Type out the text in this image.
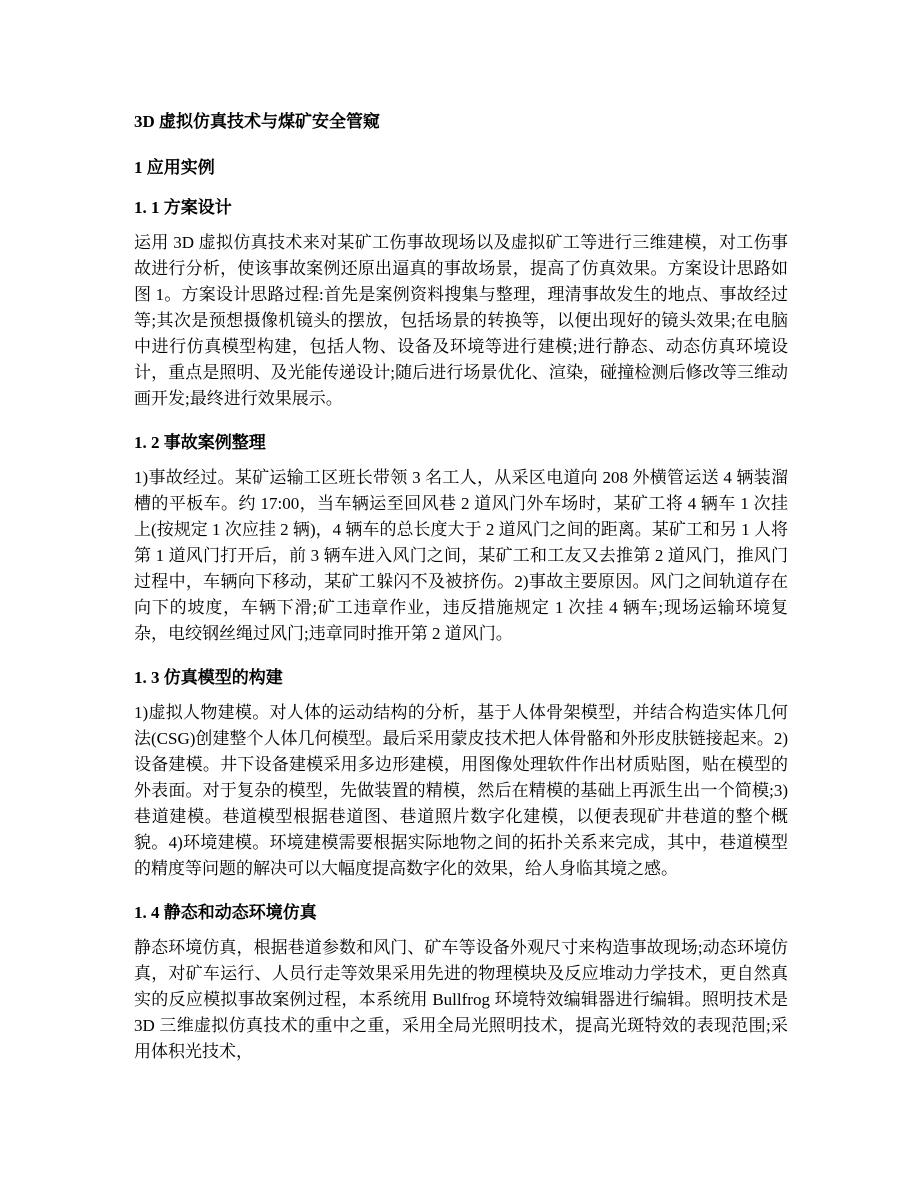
3D 虚拟仿真技术与煤矿安全管窥
1 应用实例
1. 1 方案设计

运用 3D 虚拟仿真技术来对某矿工伤事故现场以及虚拟矿工等进行三维建模，对工伤事故进行分析，使该事故案例还原出逼真的事故场景，提高了仿真效果。方案设计思路如图 1。方案设计思路过程:首先是案例资料搜集与整理，理清事故发生的地点、事故经过等;其次是预想摄像机镜头的摆放，包括场景的转换等，以便出现好的镜头效果;在电脑中进行仿真模型构建，包括人物、设备及环境等进行建模;进行静态、动态仿真环境设计，重点是照明、及光能传递设计;随后进行场景优化、渲染，碰撞检测后修改等三维动画开发;最终进行效果展示。

1. 2 事故案例整理

1)事故经过。某矿运输工区班长带领 3 名工人，从采区电道向 208 外横管运送 4 辆装溜槽的平板车。约 17:00，当车辆运至回风巷 2 道风门外车场时，某矿工将 4 辆车 1 次挂上(按规定 1 次应挂 2 辆)，4 辆车的总长度大于 2 道风门之间的距离。某矿工和另 1 人将第 1 道风门打开后，前 3 辆车进入风门之间，某矿工和工友又去推第 2 道风门，推风门过程中，车辆向下移动，某矿工躲闪不及被挤伤。2)事故主要原因。风门之间轨道存在向下的坡度，车辆下滑;矿工违章作业，违反措施规定 1 次挂 4 辆车;现场运输环境复杂，电绞钢丝绳过风门;违章同时推开第 2 道风门。

1. 3 仿真模型的构建

1)虚拟人物建模。对人体的运动结构的分析，基于人体骨架模型，并结合构造实体几何法(CSG)创建整个人体几何模型。最后采用蒙皮技术把人体骨骼和外形皮肤链接起来。2)设备建模。井下设备建模采用多边形建模，用图像处理软件作出材质贴图，贴在模型的外表面。对于复杂的模型，先做装置的精模，然后在精模的基础上再派生出一个简模;3)巷道建模。巷道模型根据巷道图、巷道照片数字化建模，以便表现矿井巷道的整个概貌。4)环境建模。环境建模需要根据实际地物之间的拓扑关系来完成，其中，巷道模型的精度等问题的解决可以大幅度提高数字化的效果，给人身临其境之感。

1. 4 静态和动态环境仿真

静态环境仿真，根据巷道参数和风门、矿车等设备外观尺寸来构造事故现场;动态环境仿真，对矿车运行、人员行走等效果采用先进的物理模块及反应堆动力学技术，更自然真实的反应模拟事故案例过程，本系统用 Bullfrog 环境特效编辑器进行编辑。照明技术是 3D 三维虚拟仿真技术的重中之重，采用全局光照明技术，提高光斑特效的表现范围;采用体积光技术，
